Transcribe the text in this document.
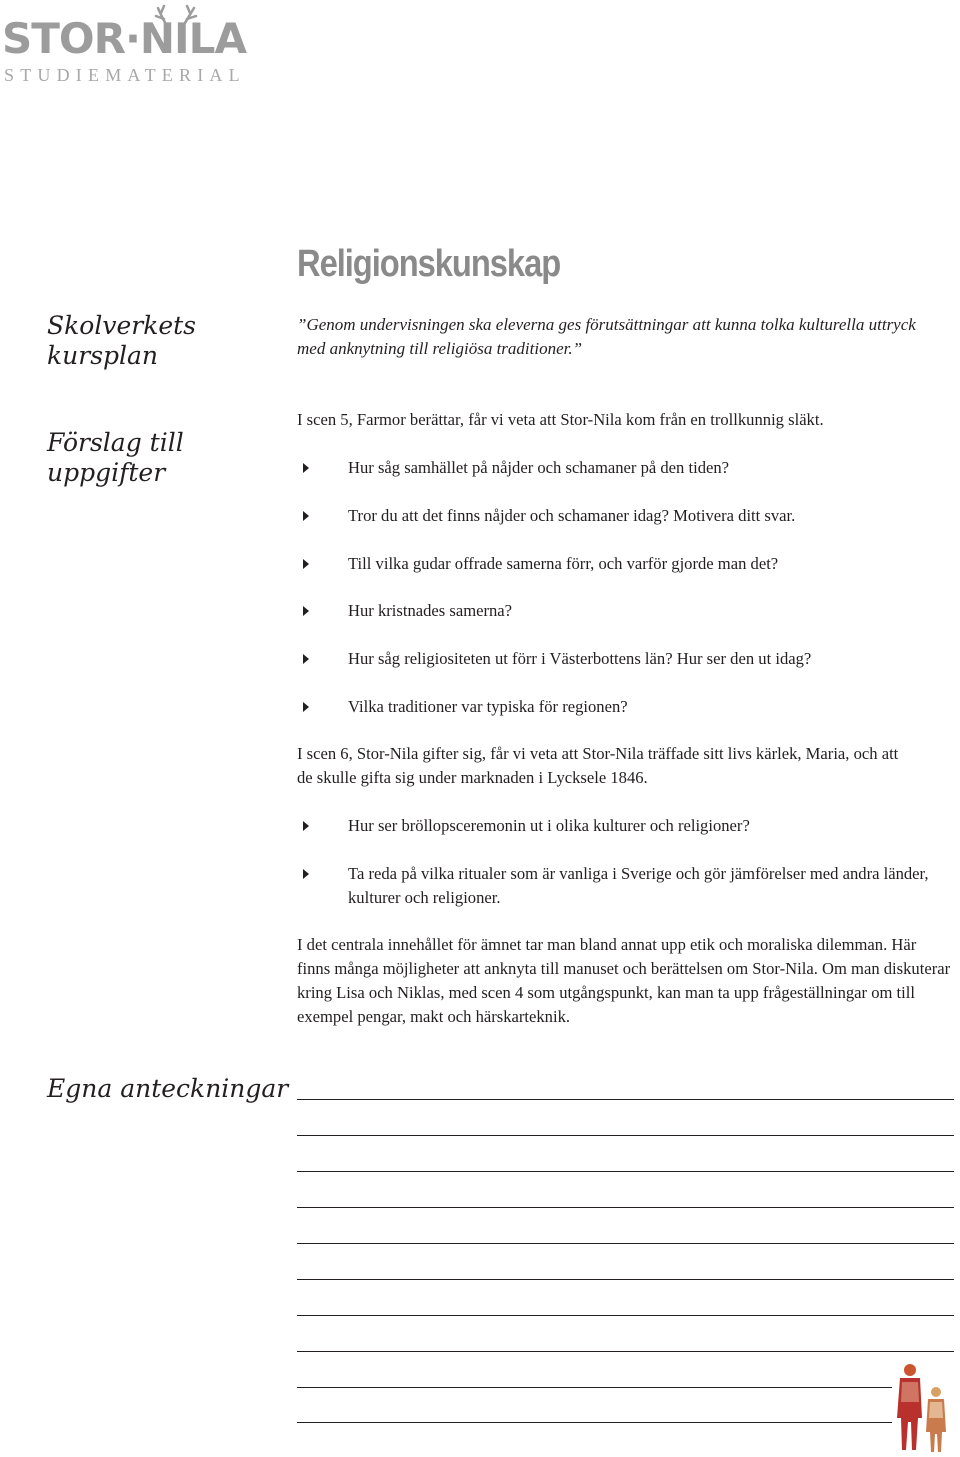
STOR·NILA
STUDIEMATERIAL
Religionskunskap

Skolverkets kursplan

Förslag till uppgifter

Egna anteckningar

”Genom undervisningen ska eleverna ges förutsättningar att kunna tolka kulturella uttryck med anknytning till religiösa traditioner.”

I scen 5, Farmor berättar, får vi veta att Stor-Nila kom från en trollkunnig släkt.

Hur såg samhället på nåjder och schamaner på den tiden?
Tror du att det finns nåjder och schamaner idag? Motivera ditt svar.
Till vilka gudar offrade samerna förr, och varför gjorde man det?
Hur kristnades samerna?
Hur såg religiositeten ut förr i Västerbottens län? Hur ser den ut idag?
Vilka traditioner var typiska för regionen?

I scen 6, Stor-Nila gifter sig, får vi veta att Stor-Nila träffade sitt livs kärlek, Maria, och att de skulle gifta sig under marknaden i Lycksele 1846.

Hur ser bröllopsceremonin ut i olika kulturer och religioner?
Ta reda på vilka ritualer som är vanliga i Sverige och gör jämförelser med andra länder, kulturer och religioner.

I det centrala innehållet för ämnet tar man bland annat upp etik och moraliska dilemman. Här finns många möjligheter att anknyta till manuset och berättelsen om Stor-Nila. Om man diskuterar kring Lisa och Niklas, med scen 4 som utgångspunkt, kan man ta upp frågeställningar om till exempel pengar, makt och härskarteknik.
